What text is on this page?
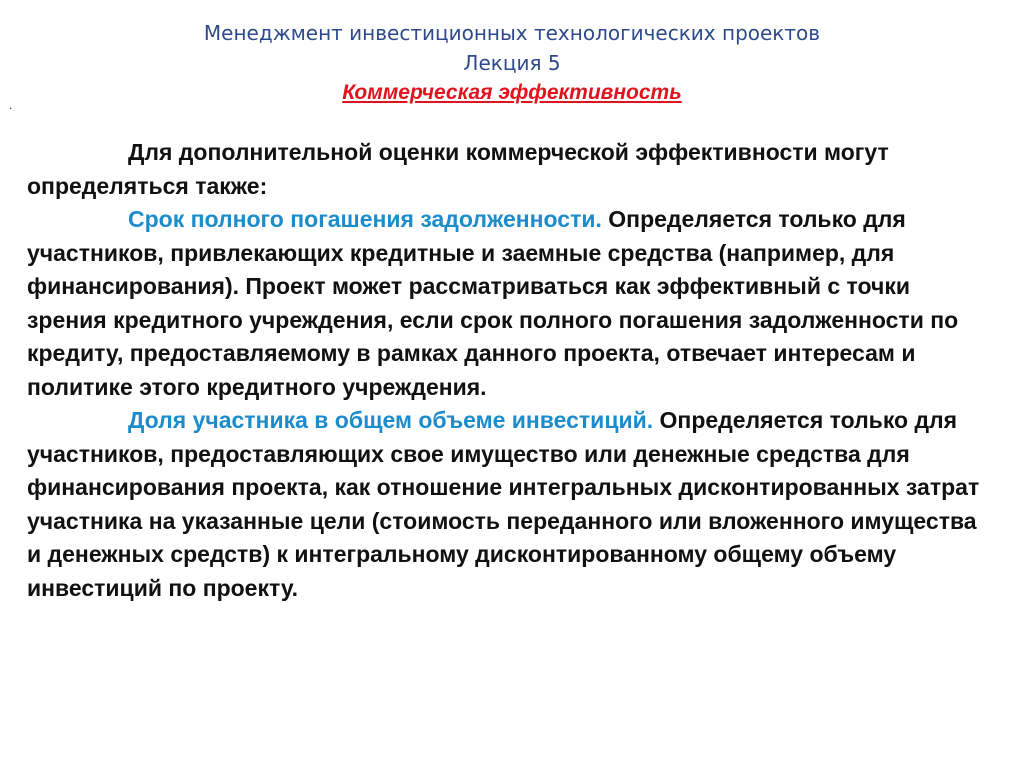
Менеджмент инвестиционных технологических проектов

Лекция 5

Коммерческая эффективность

.

Для дополнительной оценки коммерческой эффективности могут определяться также:

Срок полного погашения задолженности. Определяется только для участников, привлекающих кредитные и заемные средства (например, для финансирования). Проект может рассматриваться как эффективный с точки зрения кредитного учреждения, если срок полного погашения задолженности по кредиту, предоставляемому в рамках данного проекта, отвечает интересам и политике этого кредитного учреждения.

Доля участника в общем объеме инвестиций. Определяется только для участников, предоставляющих свое имущество или денежные средства для финансирования проекта, как отношение интегральных дисконтированных затрат участника на указанные цели (стоимость переданного или вложенного имущества и денежных средств) к интегральному дисконтированному общему объему инвестиций по проекту.
